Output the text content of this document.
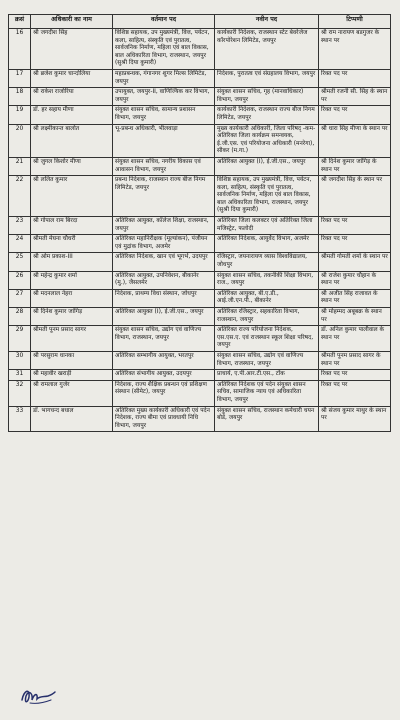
क्रसं	अधिकारी का नाम	वर्तमान पद	नवीन पद	टिप्पणी
16	श्री जगदीश सिंह	विशिष्ठ सहायक, उप मुख्यमंत्री, वित्त, पर्यटन, कला, साहित्य, संस्कृति एवं पुरातत्व, सार्वजनिक निर्माण, महिला एवं बाल विकास, बाल अधिकारिता विभाग, राजस्थान, जयपुर (सुश्री दिया कुमारी)	कार्यकारी निदेशक, राजस्थान स्टेट बेवरेजेज कॉरपोरेशन लिमिटेड, जयपुर	श्री राम नारायण बडगुजर के स्थान पर
17	श्री ब्रजेश कुमार चान्दोलिया	महाप्रबन्धक, गंगानगर शुगर मिल्स लिमिटेड, जयपुर	निदेशक, पुरातत्व एवं संग्रहालय विभाग, जयपुर	रिक्त पद पर
18	श्री राकेश राजोरिया	उपायुक्त, जयपुर-II, वाणिज्यिक कर विभाग, जयपुर	संयुक्त शासन सचिव, गृह (मानवाधिकार) विभाग, जयपुर	श्रीमती रजनी सी. सिंह के स्थान पर
19	डॉ. हर सहाय मीणा	संयुक्त शासन सचिव, सामान्य प्रशासन विभाग, जयपुर	कार्यकारी निदेशक, राजस्थान राज्य बीज निगम लिमिटेड, जयपुर	रिक्त पद पर
20	श्री लक्ष्मीकान्त बालोत	भू-प्रबन्ध अधिकारी, भीलवाड़ा	मुख्य कार्यकारी अधिकारी, जिला परिषद् -कम- अतिरिक्त जिला कार्यक्रम समन्वयक, ई.जी.एस. एवं परियोजना अधिकारी (मनरेगा), सीकर (म.गा.)	श्री धारा सिंह मीणा के स्थान पर
21	श्री जुगल किशोर मीणा	संयुक्त शासन सचिव, नगरीय विकास एवं आवासन विभाग, जयपुर	अतिरिक्त आयुक्त (I), ई.जी.एस., जयपुर	श्री दिनेश कुमार जांगिड़ के स्थान पर
22	श्री ललित कुमार	प्रबन्ध निदेशक, राजस्थान राज्य बीज निगम लिमिटेड, जयपुर	विशिष्ठ सहायक, उप मुख्यमंत्री, वित्त, पर्यटन, कला, साहित्य, संस्कृति एवं पुरातत्व, सार्वजनिक निर्माण, महिला एवं बाल विकास, बाल अधिकारिता विभाग, राजस्थान, जयपुर (सुश्री दिया कुमारी)	श्री जगदीश सिंह के स्थान पर
23	श्री गोपाल राम बिरदा	अतिरिक्त आयुक्त, कॉलेज शिक्षा, राजस्थान, जयपुर	अतिरिक्त जिला कलक्टर एवं अतिरिक्त जिला मजिस्ट्रेट, फलोदी	रिक्त पद पर
24	श्रीमती मेघना चौधरी	अतिरिक्त महानिरीक्षक (मूल्यांकन), पंजीयन एवं मुद्रांक विभाग, अजमेर	अतिरिक्त निदेशक, आयुर्वेद विभाग, अजमेर	रिक्त पद पर
25	श्री ओम प्रकाश-III	अतिरिक्त निदेशक, खान एवं भूगर्भ, उदयपुर	रजिस्ट्रार, जयनारायण व्यास विश्वविद्यालय, जोधपुर	श्रीमती गोमती शर्मा के स्थान पर
26	श्री महेन्द्र कुमार शर्मा	अतिरिक्त आयुक्त, उपनिवेशन, बीकानेर (मु.), जैसलमेर	संयुक्त शासन सचिव, तकनीकी शिक्षा विभाग, राज., जयपुर	श्री राजेश कुमार चौहान के स्थान पर
27	श्री मदनलाल नेहरा	निदेशक, प्राथम्य विधा संस्थान, जोधपुर	अतिरिक्त आयुक्त, बी.ए.डी., आई.जी.एन.पी., बीकानेर	श्री अजीत सिंह राजावत के स्थान पर
28	श्री दिनेश कुमार जांगिड़	अतिरिक्त आयुक्त (I), ई.जी.एस., जयपुर	अतिरिक्त रजिस्ट्रार, सहकारिता विभाग, राजस्थान, जयपुर	श्री मोहम्मद अबूबक्र के स्थान पर
29	श्रीमती पूनम प्रसाद सागर	संयुक्त शासन सचिव, उद्योग एवं वाणिज्य विभाग, राजस्थान, जयपुर	अतिरिक्त राज्य परियोजना निदेशक, एस.एस.ए. एवं राजस्थान स्कूल शिक्षा परिषद, जयपुर	डॉ. अनिल कुमार पालीवाल के स्थान पर
30	श्री परसुराम धानका	अतिरिक्त सम्भागीय आयुक्त, भरतपुर	संयुक्त शासन सचिव, उद्योग एवं वाणिज्य विभाग, राजस्थान, जयपुर	श्रीमती पूनम प्रसाद सागर के स्थान पर
31	श्री महावीर खराड़ी	अतिरिक्त संभागीय आयुक्त, उदयपुर	प्राचार्य, ए.पी.आर.टी.एस., टोंक	रिक्त पद पर
32	श्री रामलाल गुर्जर	निदेशक, राज्य शैक्षिक प्रबन्धन एवं प्रशिक्षण संस्थान (सीमेट), जयपुर	अतिरिक्त निदेशक एवं पदेन संयुक्त शासन सचिव, सामाजिक न्याय एवं अधिकारिता विभाग, जयपुर	रिक्त पद पर
33	डॉ. भागचन्द बधाल	अतिरिक्त मुख्य कार्यकारी अधिकारी एवं पदेन निदेशक, राज्य बीमा एवं प्रावधायी निधि विभाग, जयपुर	संयुक्त शासन सचिव, राजस्थान कर्मचारी चयन बोर्ड, जयपुर	श्री संजय कुमार माथुर के स्थान पर
